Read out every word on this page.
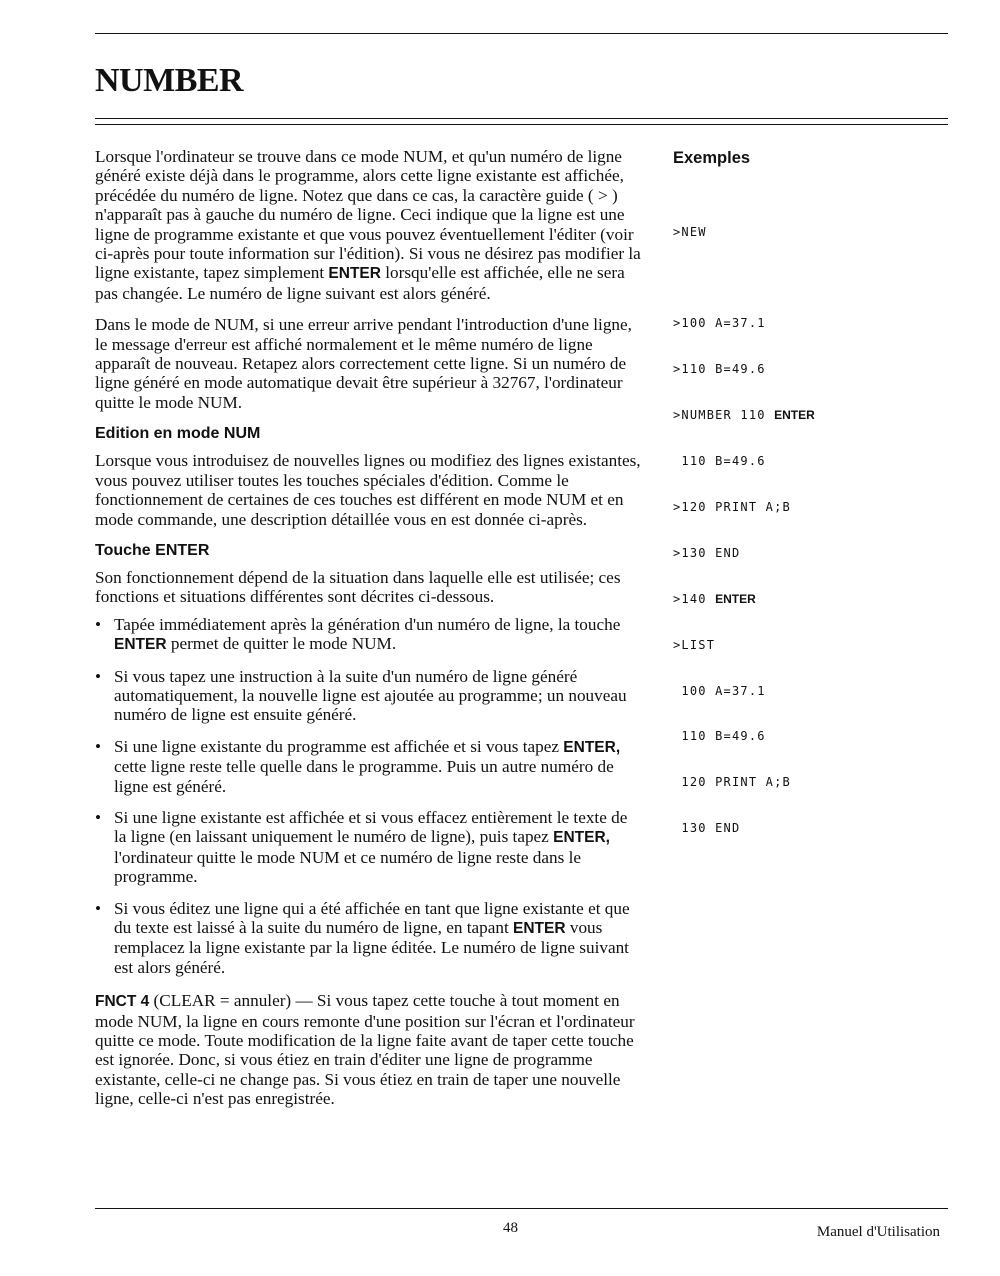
NUMBER

Lorsque l'ordinateur se trouve dans ce mode NUM, et qu'un numéro de ligne généré existe déjà dans le programme, alors cette ligne existante est affichée, précédée du numéro de ligne. Notez que dans ce cas, la caractère guide ( > ) n'apparaît pas à gauche du numéro de ligne. Ceci indique que la ligne est une ligne de programme existante et que vous pouvez éventuellement l'éditer (voir ci-après pour toute information sur l'édition). Si vous ne désirez pas modifier la ligne existante, tapez simplement ENTER lorsqu'elle est affichée, elle ne sera pas changée. Le numéro de ligne suivant est alors généré.

Dans le mode de NUM, si une erreur arrive pendant l'introduction d'une ligne, le message d'erreur est affiché normalement et le même numéro de ligne apparaît de nouveau. Retapez alors correctement cette ligne. Si un numéro de ligne généré en mode automatique devait être supérieur à 32767, l'ordinateur quitte le mode NUM.

Edition en mode NUM

Lorsque vous introduisez de nouvelles lignes ou modifiez des lignes existantes, vous pouvez utiliser toutes les touches spéciales d'édition. Comme le fonctionnement de certaines de ces touches est différent en mode NUM et en mode commande, une description détaillée vous en est donnée ci-après.

Touche ENTER

Son fonctionnement dépend de la situation dans laquelle elle est utilisée; ces fonctions et situations différentes sont décrites ci-dessous.

• Tapée immédiatement après la génération d'un numéro de ligne, la touche ENTER permet de quitter le mode NUM.
• Si vous tapez une instruction à la suite d'un numéro de ligne généré automatiquement, la nouvelle ligne est ajoutée au programme; un nouveau numéro de ligne est ensuite généré.
• Si une ligne existante du programme est affichée et si vous tapez ENTER, cette ligne reste telle quelle dans le programme. Puis un autre numéro de ligne est généré.
• Si une ligne existante est affichée et si vous effacez entièrement le texte de la ligne (en laissant uniquement le numéro de ligne), puis tapez ENTER, l'ordinateur quitte le mode NUM et ce numéro de ligne reste dans le programme.
• Si vous éditez une ligne qui a été affichée en tant que ligne existante et que du texte est laissé à la suite du numéro de ligne, en tapant ENTER vous remplacez la ligne existante par la ligne éditée. Le numéro de ligne suivant est alors généré.

FNCT 4 (CLEAR = annuler) — Si vous tapez cette touche à tout moment en mode NUM, la ligne en cours remonte d'une position sur l'écran et l'ordinateur quitte ce mode. Toute modification de la ligne faite avant de taper cette touche est ignorée. Donc, si vous étiez en train d'éditer une ligne de programme existante, celle-ci ne change pas. Si vous étiez en train de taper une nouvelle ligne, celle-ci n'est pas enregistrée.

Exemples

>NEW

>100 A=37.1

>110 B=49.6

>NUMBER 110 ENTER

110 B=49.6

>120 PRINT A;B

>130 END

>140 ENTER

>LIST

100 A=37.1

110 B=49.6

120 PRINT A;B

130 END

48	Manuel d'Utilisation
